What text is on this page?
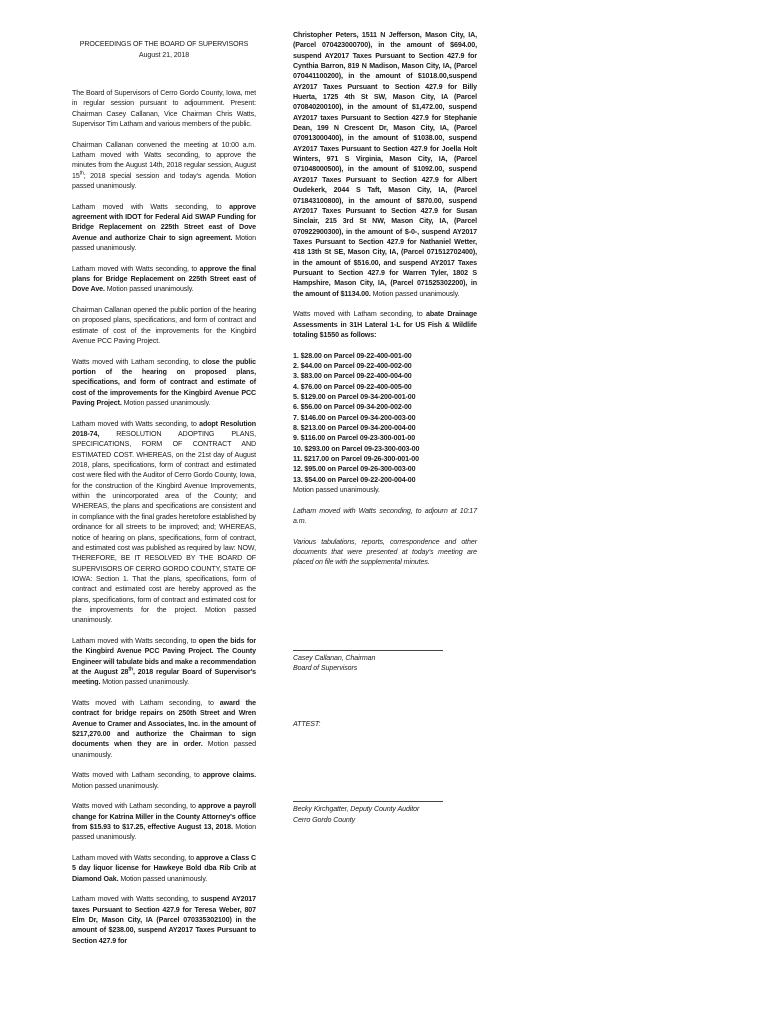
PROCEEDINGS OF THE BOARD OF SUPERVISORS
August 21, 2018

The Board of Supervisors of Cerro Gordo County, Iowa, met in regular session pursuant to adjournment. Present: Chairman Casey Callanan, Vice Chairman Chris Watts, Supervisor Tim Latham and various members of the public.

Chairman Callanan convened the meeting at 10:00 a.m. Latham moved with Watts seconding, to approve the minutes from the August 14th, 2018 regular session, August 15th; 2018 special session and today's agenda. Motion passed unanimously.

Latham moved with Watts seconding, to approve agreement with IDOT for Federal Aid SWAP Funding for Bridge Replacement on 225th Street east of Dove Avenue and authorize Chair to sign agreement. Motion passed unanimously.

Latham moved with Watts seconding, to approve the final plans for Bridge Replacement on 225th Street east of Dove Ave. Motion passed unanimously.

Chairman Callanan opened the public portion of the hearing on proposed plans, specifications, and form of contract and estimate of cost of the improvements for the Kingbird Avenue PCC Paving Project.

Watts moved with Latham seconding, to close the public portion of the hearing on proposed plans, specifications, and form of contract and estimate of cost of the improvements for the Kingbird Avenue PCC Paving Project. Motion passed unanimously.

Latham moved with Watts seconding, to adopt Resolution 2018-74, RESOLUTION ADOPTING PLANS, SPECIFICATIONS, FORM OF CONTRACT AND ESTIMATED COST. WHEREAS, on the 21st day of August 2018, plans, specifications, form of contract and estimated cost were filed with the Auditor of Cerro Gordo County, Iowa, for the construction of the Kingbird Avenue Improvements, within the unincorporated area of the County; and WHEREAS, the plans and specifications are consistent and in compliance with the final grades heretofore established by ordinance for all streets to be improved; and; WHEREAS, notice of hearing on plans, specifications, form of contract, and estimated cost was published as required by law: NOW, THEREFORE, BE IT RESOLVED BY THE BOARD OF SUPERVISORS OF CERRO GORDO COUNTY, STATE OF IOWA: Section 1. That the plans, specifications, form of contract and estimated cost are hereby approved as the plans, specifications, form of contract and estimated cost for the improvements for the project. Motion passed unanimously.

Latham moved with Watts seconding, to open the bids for the Kingbird Avenue PCC Paving Project. The County Engineer will tabulate bids and make a recommendation at the August 28th, 2018 regular Board of Supervisor's meeting. Motion passed unanimously.

Watts moved with Latham seconding, to award the contract for bridge repairs on 250th Street and Wren Avenue to Cramer and Associates, Inc. in the amount of $217,270.00 and authorize the Chairman to sign documents when they are in order. Motion passed unanimously.

Watts moved with Latham seconding, to approve claims. Motion passed unanimously.

Watts moved with Latham seconding, to approve a payroll change for Katrina Miller in the County Attorney's office from $15.93 to $17.25, effective August 13, 2018. Motion passed unanimously.

Latham moved with Watts seconding, to approve a Class C 5 day liquor license for Hawkeye Bold dba Rib Crib at Diamond Oak. Motion passed unanimously.

Latham moved with Watts seconding, to suspend AY2017 taxes Pursuant to Section 427.9 for Teresa Weber, 807 Elm Dr, Mason City, IA (Parcel 070335302100) in the amount of $238.00, suspend AY2017 Taxes Pursuant to Section 427.9 for

Christopher Peters, 1511 N Jefferson, Mason City, IA, (Parcel 070423000700), in the amount of $694.00, suspend AY2017 Taxes Pursuant to Section 427.9 for Cynthia Barron, 819 N Madison, Mason City, IA, (Parcel 070441100200), in the amount of $1018.00,suspend AY2017 Taxes Pursuant to Section 427.9 for Billy Huerta, 1725 4th St SW, Mason City, IA (Parcel 070840200100), in the amount of $1,472.00, suspend AY2017 taxes Pursuant to Section 427.9 for Stephanie Dean, 199 N Crescent Dr, Mason City, IA, (Parcel 070913000400), in the amount of $1038.00, suspend AY2017 Taxes Pursuant to Section 427.9 for Joella Holt Winters, 971 S Virginia, Mason City, IA, (Parcel 071048000500), in the amount of $1092.00, suspend AY2017 Taxes Pursuant to Section 427.9 for Albert Oudekerk, 2044 S Taft, Mason City, IA, (Parcel 071843100800), in the amount of $870.00, suspend AY2017 Taxes Pursuant to Section 427.9 for Susan Sinclair, 215 3rd St NW, Mason City, IA, (Parcel 070922900300), in the amount of $-0-, suspend AY2017 Taxes Pursuant to Section 427.9 for Nathaniel Wetter, 418 13th St SE, Mason City, IA, (Parcel 071512702400), in the amount of $516.00, and suspend AY2017 Taxes Pursuant to Section 427.9 for Warren Tyler, 1802 S Hampshire, Mason City, IA, (Parcel 071525302200), in the amount of $1134.00. Motion passed unanimously.

Watts moved with Latham seconding, to abate Drainage Assessments in 31H Lateral 1-L for US Fish & Wildlife totaling $1550 as follows:

1. $28.00 on Parcel 09-22-400-001-00
2. $44.00 on Parcel 09-22-400-002-00
3. $83.00 on Parcel 09-22-400-004-00
4. $76.00 on Parcel 09-22-400-005-00
5. $129.00 on Parcel 09-34-200-001-00
6. $56.00 on Parcel 09-34-200-002-00
7. $146.00 on Parcel 09-34-200-003-00
8. $213.00 on Parcel 09-34-200-004-00
9. $116.00 on Parcel 09-23-300-001-00
10. $293.00 on Parcel 09-23-300-003-00
11. $217.00 on Parcel 09-26-300-001-00
12. $95.00 on Parcel 09-26-300-003-00
13. $54.00 on Parcel 09-22-200-004-00

Motion passed unanimously.

Latham moved with Watts seconding, to adjourn at 10:17 a.m.

Various tabulations, reports, correspondence and other documents that were presented at today's meeting are placed on file with the supplemental minutes.

Casey Callanan, Chairman
Board of Supervisors

ATTEST:

Becky Kirchgatter, Deputy County Auditor
Cerro Gordo County
